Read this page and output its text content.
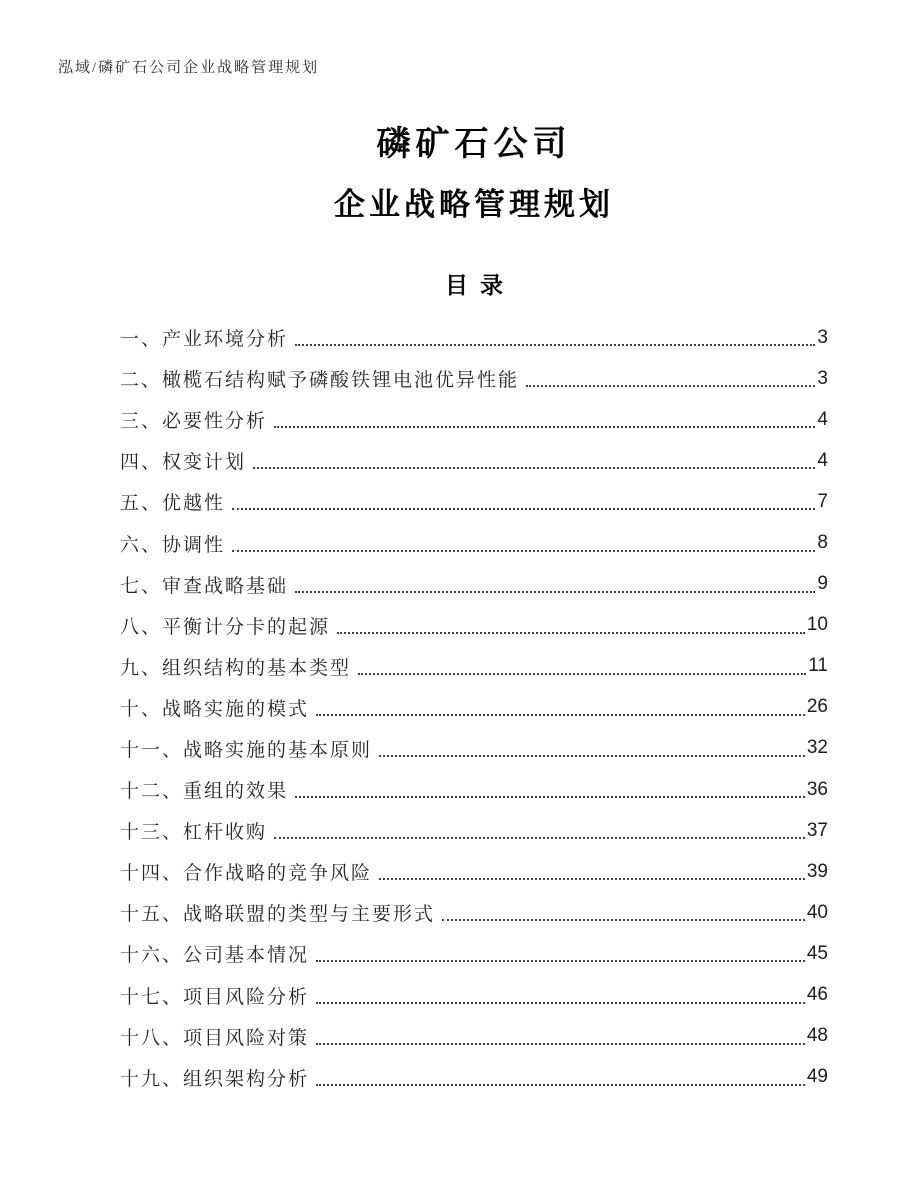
泓域/磷矿石公司企业战略管理规划
磷矿石公司
企业战略管理规划
目录
一、产业环境分析	3
二、橄榄石结构赋予磷酸铁锂电池优异性能	3
三、必要性分析	4
四、权变计划	4
五、优越性	7
六、协调性	8
七、审查战略基础	9
八、平衡计分卡的起源	10
九、组织结构的基本类型	11
十、战略实施的模式	26
十一、战略实施的基本原则	32
十二、重组的效果	36
十三、杠杆收购	37
十四、合作战略的竞争风险	39
十五、战略联盟的类型与主要形式	40
十六、公司基本情况	45
十七、项目风险分析	46
十八、项目风险对策	48
十九、组织架构分析	49
